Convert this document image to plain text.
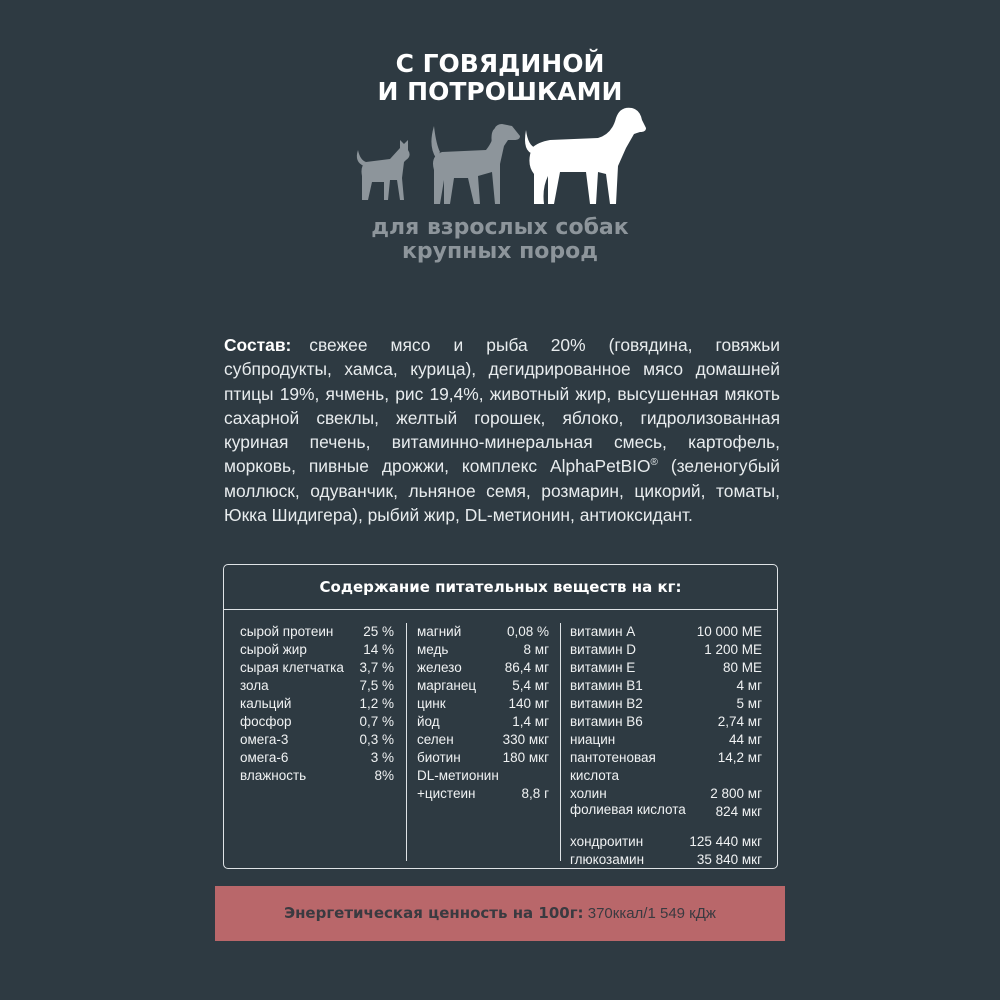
С ГОВЯДИНОЙ
И ПОТРОШКАМИ
для взрослых собак
крупных пород
Состав: свежее мясо и рыба 20% (говядина, говяжьи субпродукты, хамса, курица), дегидрированное мясо домашней птицы 19%, ячмень, рис 19,4%, животный жир, высушенная мякоть сахарной свеклы, желтый горошек, яблоко, гидролизованная куриная печень, витаминно-минеральная смесь, картофель, морковь, пивные дрожжи, комплекс AlphaPetBIO® (зеленогубый моллюск, одуванчик, льняное семя, розмарин, цикорий, томаты, Юкка Шидигера), рыбий жир, DL-метионин, антиоксидант.
Содержание питательных веществ на кг:
сырой протеин 25 %
сырой жир	14 %
сырая клетчатка 3,7 %
зола	7,5 %
кальций	1,2 %
фосфор	0,7 %
омега-3	0,3 %
омега-6	3 %
влажность	8%
магний	0,08 %
медь	8 мг
железо	86,4 мг
марганец	5,4 мг
цинк	140 мг
йод	1,4 мг
селен	330 мкг
биотин	180 мкг
DL-метионин
+цистеин	8,8 г
витамин А	10 000 МЕ
витамин D	1 200 МЕ
витамин Е	80 МЕ
витамин В1	4 мг
витамин В2	5 мг
витамин В6	2,74 мг
ниацин	44 мг
пантотеновая	14,2 мг
кислота
холин	2 800 мг
фолиевая кислота 824 мкг
хондроитин	125 440 мкг
глюкозамин	35 840 мкг
Энергетическая ценность на 100г: 370ккал/1 549 кДж
